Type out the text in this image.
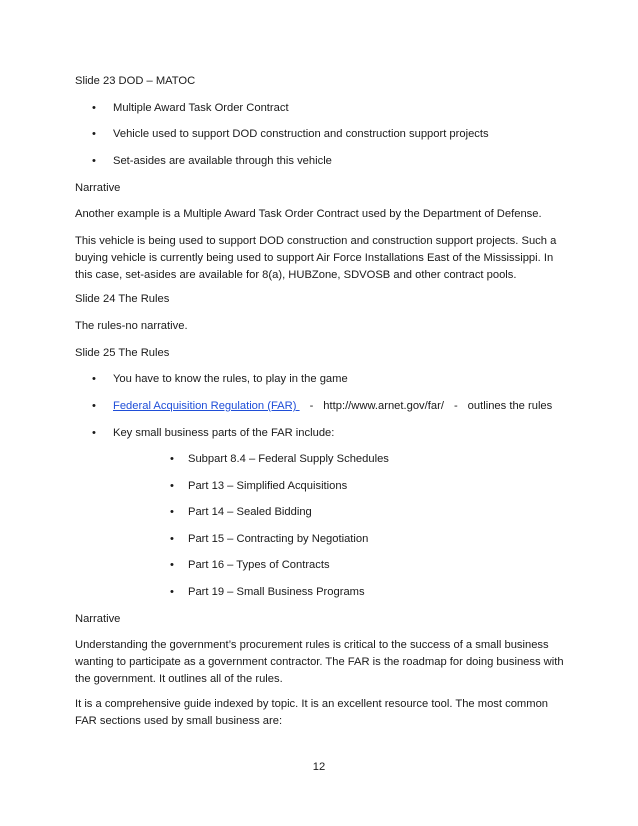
Slide 23 DOD – MATOC
• Multiple Award Task Order Contract
• Vehicle used to support DOD construction and construction support projects
• Set-asides are available through this vehicle
Narrative
Another example is a Multiple Award Task Order Contract used by the Department of Defense.
This vehicle is being used to support DOD construction and construction support projects. Such a buying vehicle is currently being used to support Air Force Installations East of the Mississippi. In this case, set-asides are available for 8(a), HUBZone, SDVOSB and other contract pools.
Slide 24 The Rules
The rules-no narrative.
Slide 25 The Rules
• You have to know the rules, to play in the game
• Federal Acquisition Regulation (FAR) - http://www.arnet.gov/far/ - outlines the rules
• Key small business parts of the FAR include:
• Subpart 8.4 – Federal Supply Schedules
• Part 13 – Simplified Acquisitions
• Part 14 – Sealed Bidding
• Part 15 – Contracting by Negotiation
• Part 16 – Types of Contracts
• Part 19 – Small Business Programs
Narrative
Understanding the government’s procurement rules is critical to the success of a small business wanting to participate as a government contractor. The FAR is the roadmap for doing business with the government. It outlines all of the rules.
It is a comprehensive guide indexed by topic. It is an excellent resource tool. The most common FAR sections used by small business are:
12
